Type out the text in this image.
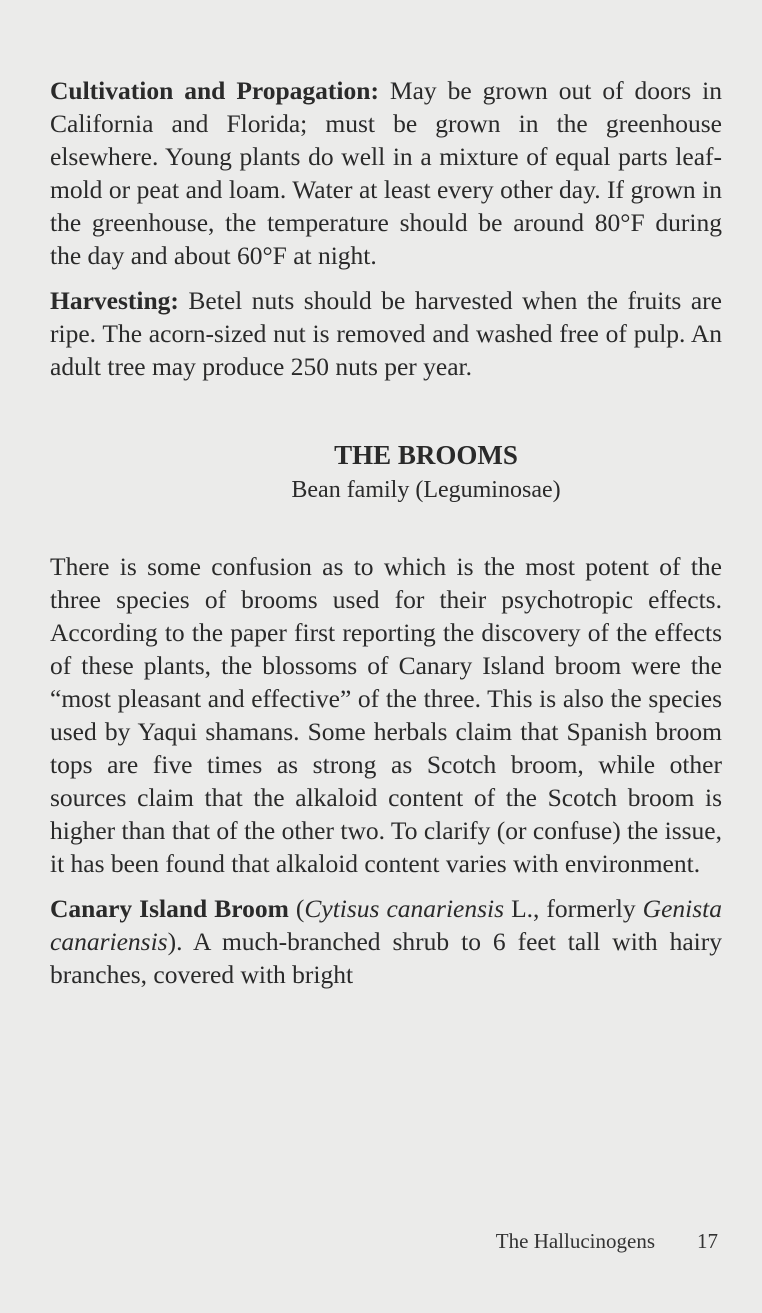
Cultivation and Propagation: May be grown out of doors in California and Florida; must be grown in the greenhouse elsewhere. Young plants do well in a mixture of equal parts leaf-mold or peat and loam. Water at least every other day. If grown in the greenhouse, the temperature should be around 80°F during the day and about 60°F at night.

Harvesting: Betel nuts should be harvested when the fruits are ripe. The acorn-sized nut is removed and washed free of pulp. An adult tree may produce 250 nuts per year.

THE BROOMS
Bean family (Leguminosae)

There is some confusion as to which is the most potent of the three species of brooms used for their psychotropic effects. According to the paper first reporting the discovery of the effects of these plants, the blossoms of Canary Island broom were the “most pleasant and effective” of the three. This is also the species used by Yaqui shamans. Some herbals claim that Spanish broom tops are five times as strong as Scotch broom, while other sources claim that the alkaloid content of the Scotch broom is higher than that of the other two. To clarify (or confuse) the issue, it has been found that alkaloid content varies with environment.

Canary Island Broom (Cytisus canariensis L., formerly Genista canariensis). A much-branched shrub to 6 feet tall with hairy branches, covered with bright

The Hallucinogens 17
